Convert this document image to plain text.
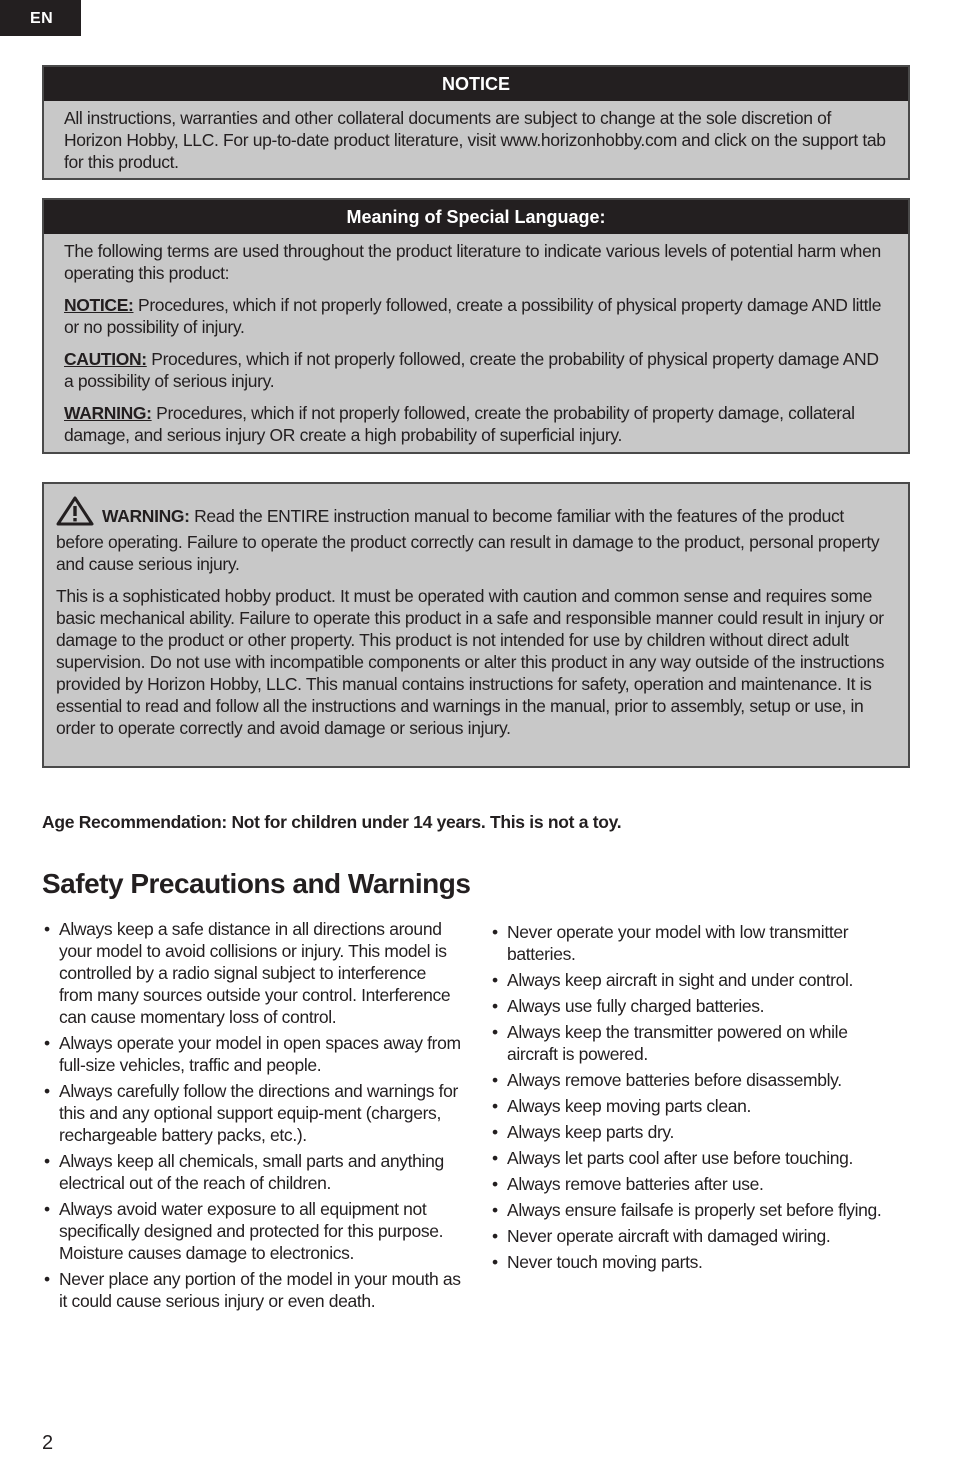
EN
NOTICE

All instructions, warranties and other collateral documents are subject to change at the sole discretion of Horizon Hobby, LLC. For up-to-date product literature, visit www.horizonhobby.com and click on the support tab for this product.

Meaning of Special Language:

The following terms are used throughout the product literature to indicate various levels of potential harm when operating this product:

NOTICE: Procedures, which if not properly followed, create a possibility of physical property damage AND little or no possibility of injury.

CAUTION: Procedures, which if not properly followed, create the probability of physical property damage AND a possibility of serious injury.

WARNING: Procedures, which if not properly followed, create the probability of property damage, collateral damage, and serious injury OR create a high probability of superficial injury.

WARNING: Read the ENTIRE instruction manual to become familiar with the features of the product before operating. Failure to operate the product correctly can result in damage to the product, personal property and cause serious injury.

This is a sophisticated hobby product. It must be operated with caution and common sense and requires some basic mechanical ability. Failure to operate this product in a safe and responsible manner could result in injury or damage to the product or other property. This product is not intended for use by children without direct adult supervision. Do not use with incompatible components or alter this product in any way outside of the instructions provided by Horizon Hobby, LLC. This manual contains instructions for safety, operation and maintenance. It is essential to read and follow all the instructions and warnings in the manual, prior to assembly, setup or use, in order to operate correctly and avoid damage or serious injury.

Age Recommendation: Not for children under 14 years. This is not a toy.
Safety Precautions and Warnings
• Always keep a safe distance in all directions around your model to avoid collisions or injury. This model is controlled by a radio signal subject to interference from many sources outside your control. Interference can cause momentary loss of control.
• Always operate your model in open spaces away from full-size vehicles, traffic and people.
• Always carefully follow the directions and warnings for this and any optional support equip-ment (chargers, rechargeable battery packs, etc.).
• Always keep all chemicals, small parts and anything electrical out of the reach of children.
• Always avoid water exposure to all equipment not specifically designed and protected for this purpose. Moisture causes damage to electronics.
• Never place any portion of the model in your mouth as it could cause serious injury or even death.
• Never operate your model with low transmitter batteries.
• Always keep aircraft in sight and under control.
• Always use fully charged batteries.
• Always keep the transmitter powered on while aircraft is powered.
• Always remove batteries before disassembly.
• Always keep moving parts clean.
• Always keep parts dry.
• Always let parts cool after use before touching.
• Always remove batteries after use.
• Always ensure failsafe is properly set before flying.
• Never operate aircraft with damaged wiring.
• Never touch moving parts.
2
